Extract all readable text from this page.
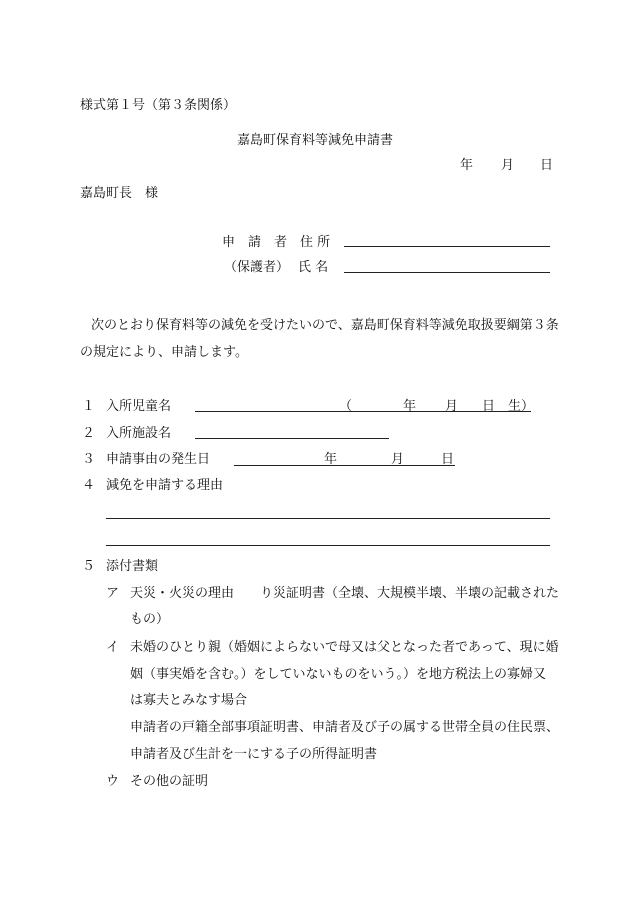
様式第１号（第３条関係）
嘉島町保育料等減免申請書
年 月 日
嘉島町長　様
申　請　者 住 所
（保護者） 氏 名
次のとおり保育料等の減免を受けたいので、嘉島町保育料等減免取扱要綱第３条
の規定により、申請します。
１ 入所児童名	（	年 月 日　生）
２ 入所施設名
３ 申請事由の発生日	年	月	日
４ 減免を申請する理由
５ 添付書類
ア 天災・火災の理由　　り災証明書（全壊、大規模半壊、半壊の記載された
もの）
イ 未婚のひとり親（婚姻によらないで母又は父となった者であって、現に婚
姻（事実婚を含む。）をしていないものをいう。）を地方税法上の寡婦又
は寡夫とみなす場合
申請者の戸籍全部事項証明書、申請者及び子の属する世帯全員の住民票、
申請者及び生計を一にする子の所得証明書
ウ その他の証明
